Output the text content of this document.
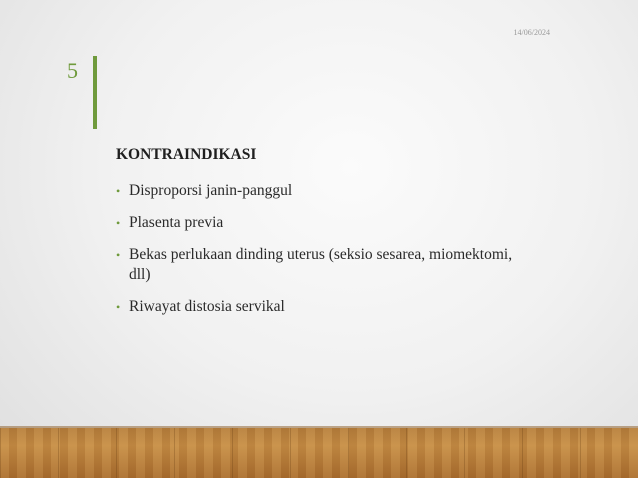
14/06/2024
5
KONTRAINDIKASI
• Disproporsi janin-panggul
• Plasenta previa
• Bekas perlukaan dinding uterus (seksio sesarea, miomektomi, dll)
• Riwayat distosia servikal
